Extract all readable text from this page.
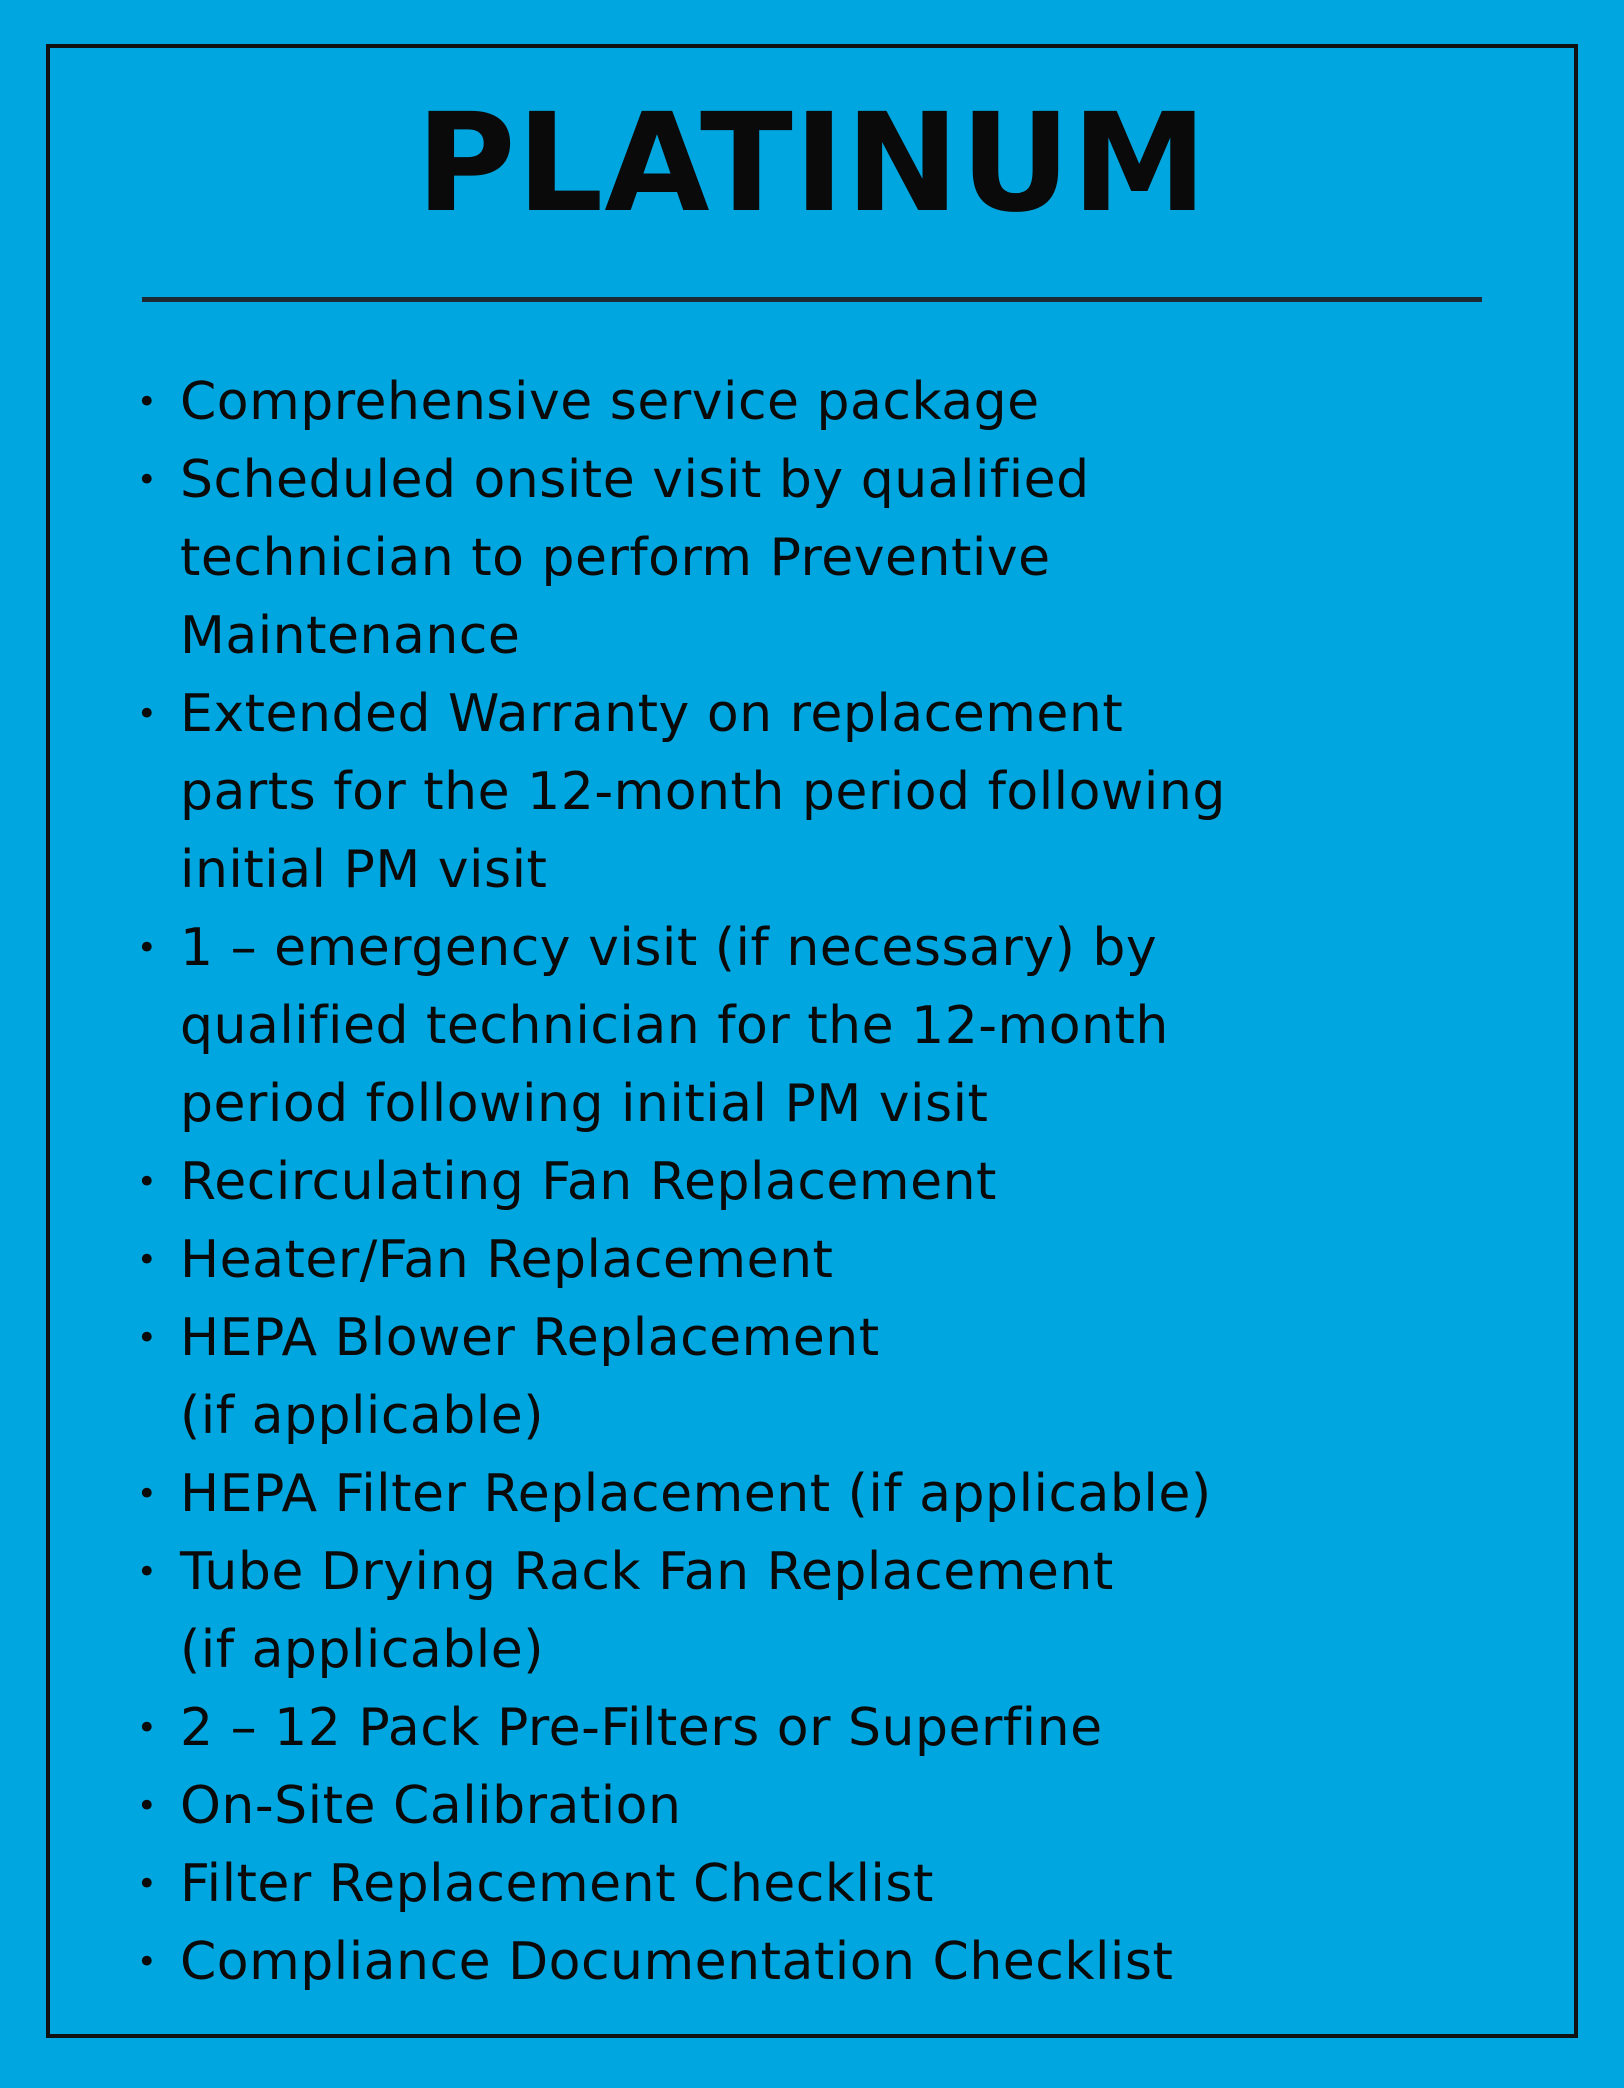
PLATINUM
• Comprehensive service package
• Scheduled onsite visit by qualified
technician to perform Preventive
Maintenance
• Extended Warranty on replacement
parts for the 12-month period following
initial PM visit
• 1 – emergency visit (if necessary) by
qualified technician for the 12-month
period following initial PM visit
• Recirculating Fan Replacement
• Heater/Fan Replacement
• HEPA Blower Replacement
(if applicable)
• HEPA Filter Replacement (if applicable)
• Tube Drying Rack Fan Replacement
(if applicable)
• 2 – 12 Pack Pre-Filters or Superfine
• On-Site Calibration
• Filter Replacement Checklist
• Compliance Documentation Checklist
